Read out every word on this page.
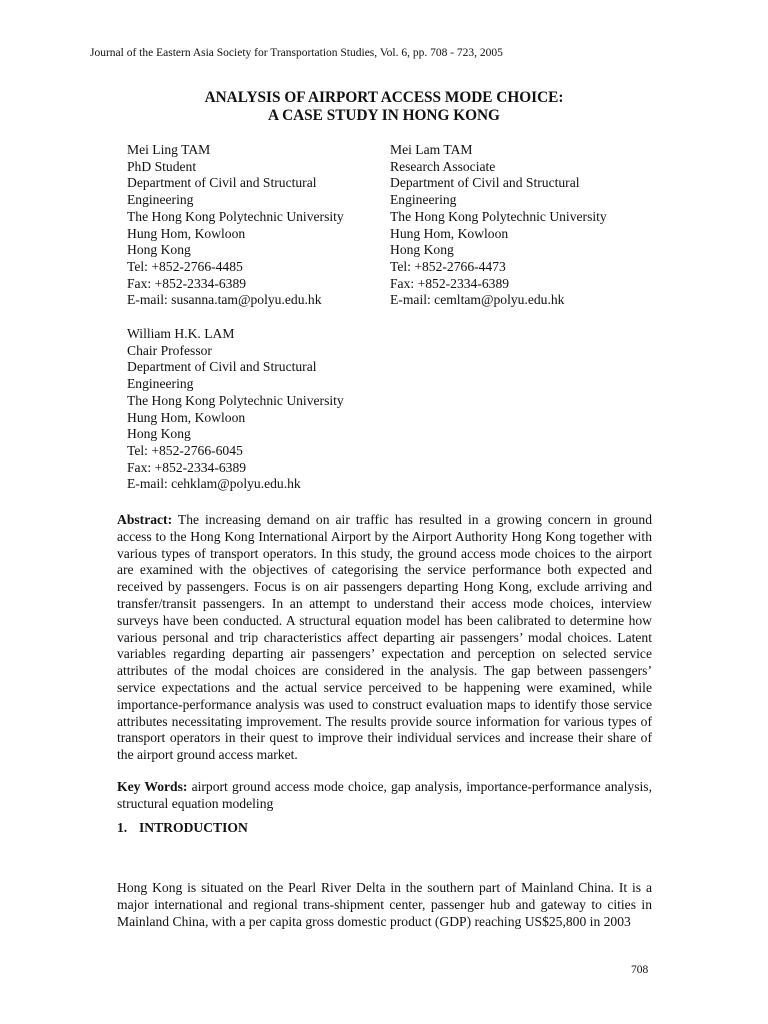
Journal of the Eastern Asia Society for Transportation Studies, Vol. 6, pp. 708 - 723, 2005
ANALYSIS OF AIRPORT ACCESS MODE CHOICE:
A CASE STUDY IN HONG KONG
Mei Ling TAM
PhD Student
Department of Civil and Structural
Engineering
The Hong Kong Polytechnic University
Hung Hom, Kowloon
Hong Kong
Tel: +852-2766-4485
Fax: +852-2334-6389
E-mail: susanna.tam@polyu.edu.hk
Mei Lam TAM
Research Associate
Department of Civil and Structural
Engineering
The Hong Kong Polytechnic University
Hung Hom, Kowloon
Hong Kong
Tel: +852-2766-4473
Fax: +852-2334-6389
E-mail: cemltam@polyu.edu.hk
William H.K. LAM
Chair Professor
Department of Civil and Structural
Engineering
The Hong Kong Polytechnic University
Hung Hom, Kowloon
Hong Kong
Tel: +852-2766-6045
Fax: +852-2334-6389
E-mail: cehklam@polyu.edu.hk
Abstract: The increasing demand on air traffic has resulted in a growing concern in ground access to the Hong Kong International Airport by the Airport Authority Hong Kong together with various types of transport operators. In this study, the ground access mode choices to the airport are examined with the objectives of categorising the service performance both expected and received by passengers. Focus is on air passengers departing Hong Kong, exclude arriving and transfer/transit passengers. In an attempt to understand their access mode choices, interview surveys have been conducted. A structural equation model has been calibrated to determine how various personal and trip characteristics affect departing air passengers’ modal choices. Latent variables regarding departing air passengers’ expectation and perception on selected service attributes of the modal choices are considered in the analysis. The gap between passengers’ service expectations and the actual service perceived to be happening were examined, while importance-performance analysis was used to construct evaluation maps to identify those service attributes necessitating improvement. The results provide source information for various types of transport operators in their quest to improve their individual services and increase their share of the airport ground access market.
Key Words: airport ground access mode choice, gap analysis, importance-performance analysis, structural equation modeling
1. INTRODUCTION
Hong Kong is situated on the Pearl River Delta in the southern part of Mainland China. It is a major international and regional trans-shipment center, passenger hub and gateway to cities in Mainland China, with a per capita gross domestic product (GDP) reaching US$25,800 in 2003
708
